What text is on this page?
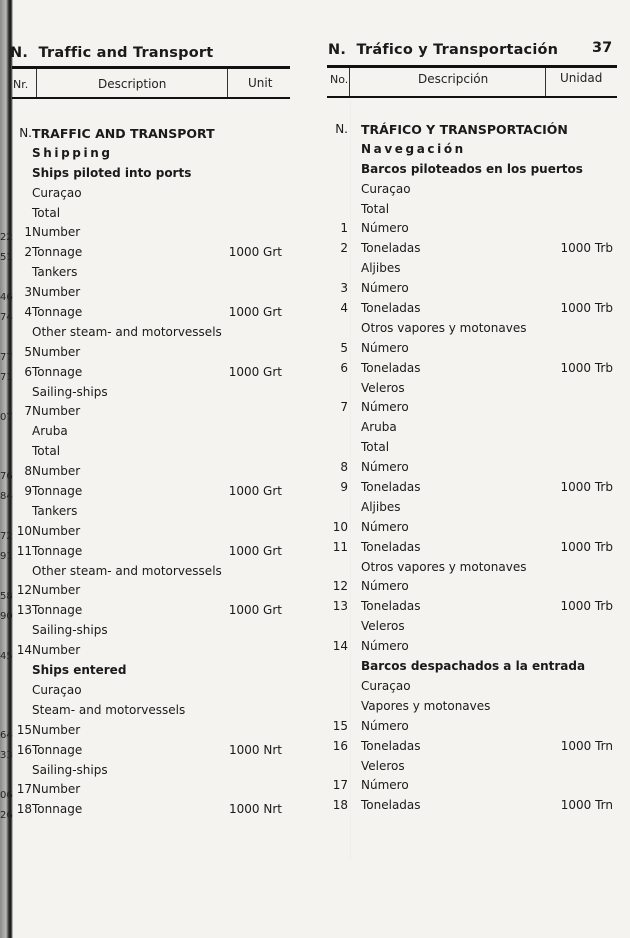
22
51
46
74
77
71
07
76
84
72
91
58
90
45
64
33
06
26
N. Traffic and Transport
Nr.	Description	Unit
N. Tráfico y Transportación 37
No.	Descripción	Unidad
N. TRAFFIC AND TRANSPORT
Shipping
Ships piloted into ports
Curaçao
Total
1 Number
2 Tonnage	1000 Grt
Tankers
3 Number
4 Tonnage	1000 Grt
Other steam- and motorvessels
5 Number
6 Tonnage	1000 Grt
Sailing-ships
7 Number
Aruba
Total
8 Number
9 Tonnage	1000 Grt
Tankers
10 Number
11 Tonnage	1000 Grt
Other steam- and motorvessels
12 Number
13 Tonnage	1000 Grt
Sailing-ships
14 Number
Ships entered
Curaçao
Steam- and motorvessels
15 Number
16 Tonnage	1000 Nrt
Sailing-ships
17 Number
18 Tonnage	1000 Nrt
N. TRÁFICO Y TRANSPORTACIÓN
Navegación
Barcos piloteados en los puertos
Curaçao
Total
1 Número
2 Toneladas	1000 Trb
Aljibes
3 Número
4 Toneladas	1000 Trb
Otros vapores y motonaves
5 Número
6 Toneladas	1000 Trb
Veleros
7 Número
Aruba
Total
8 Número
9 Toneladas	1000 Trb
Aljibes
10 Número
11 Toneladas	1000 Trb
Otros vapores y motonaves
12 Número
13 Toneladas	1000 Trb
Veleros
14 Número
Barcos despachados a la entrada
Curaçao
Vapores y motonaves
15 Número
16 Toneladas	1000 Trn
Veleros
17 Número
18 Toneladas	1000 Trn
